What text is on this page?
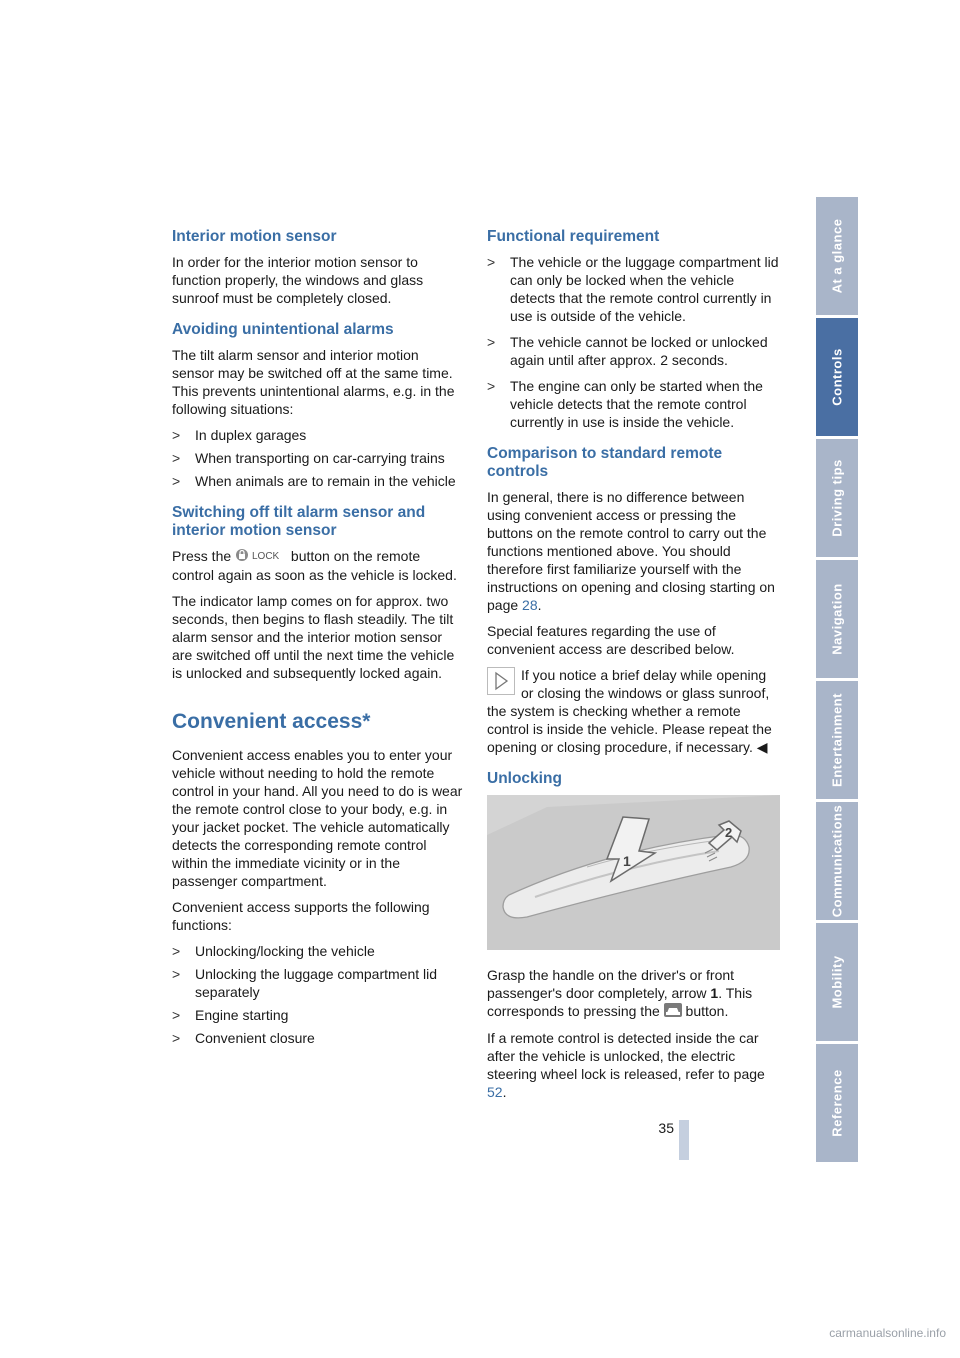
Interior motion sensor

In order for the interior motion sensor to function properly, the windows and glass sunroof must be completely closed.

Avoiding unintentional alarms

The tilt alarm sensor and interior motion sensor may be switched off at the same time. This prevents unintentional alarms, e.g. in the following situations:

> In duplex garages
> When transporting on car-carrying trains
> When animals are to remain in the vehicle
Switching off tilt alarm sensor and interior motion sensor

Press the LOCK button on the remote control again as soon as the vehicle is locked.

The indicator lamp comes on for approx. two seconds, then begins to flash steadily. The tilt alarm sensor and the interior motion sensor are switched off until the next time the vehicle is unlocked and subsequently locked again.

Convenient access*

Convenient access enables you to enter your vehicle without needing to hold the remote control in your hand. All you need to do is wear the remote control close to your body, e.g. in your jacket pocket. The vehicle automatically detects the corresponding remote control within the immediate vicinity or in the passenger compartment.

Convenient access supports the following functions:

> Unlocking/locking the vehicle
> Unlocking the luggage compartment lid separately
> Engine starting
> Convenient closure
Functional requirement
> The vehicle or the luggage compartment lid can only be locked when the vehicle detects that the remote control currently in use is outside of the vehicle.
> The vehicle cannot be locked or unlocked again until after approx. 2 seconds.
> The engine can only be started when the vehicle detects that the remote control currently in use is inside the vehicle.
Comparison to standard remote controls

In general, there is no difference between using convenient access or pressing the buttons on the remote control to carry out the functions mentioned above. You should therefore first familiarize yourself with the instructions on opening and closing starting on page 28.

Special features regarding the use of convenient access are described below.

If you notice a brief delay while opening or closing the windows or glass sunroof, the system is checking whether a remote control is inside the vehicle. Please repeat the opening or closing procedure, if necessary. ◀
Unlocking
1
2

Grasp the handle on the driver's or front passenger's door completely, arrow 1. This corresponds to pressing the button.

If a remote control is detected inside the car after the vehicle is unlocked, the electric steering wheel lock is released, refer to page 52.

At a glance
Controls
Driving tips
Navigation
Entertainment
Communications
Mobility
Reference
35
carmanualsonline.info
